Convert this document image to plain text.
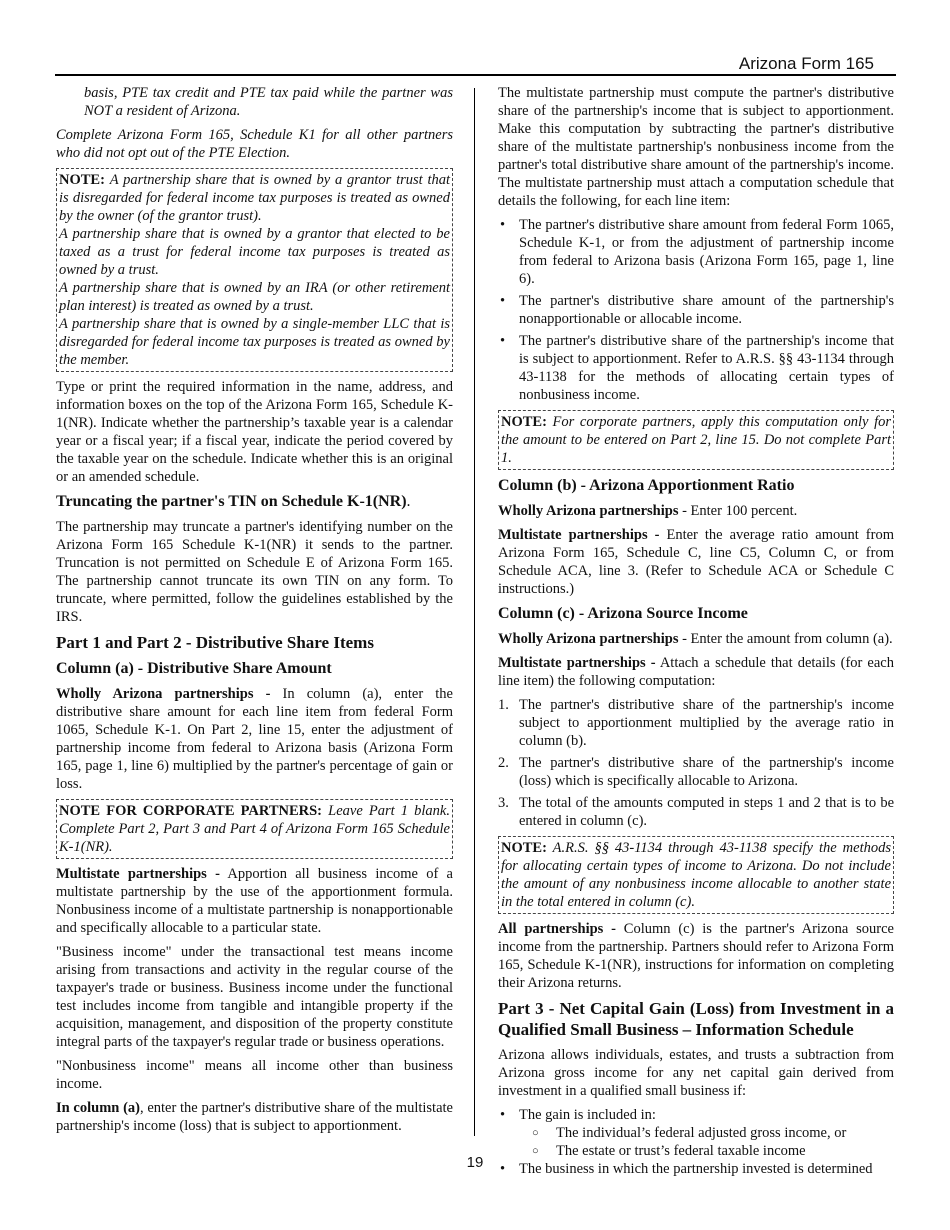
Arizona Form 165

basis, PTE tax credit and PTE tax paid while the partner was NOT a resident of Arizona.

Complete Arizona Form 165, Schedule K1 for all other partners who did not opt out of the PTE Election.

NOTE: A partnership share that is owned by a grantor trust that is disregarded for federal income tax purposes is treated as owned by the owner (of the grantor trust).

A partnership share that is owned by a grantor that elected to be taxed as a trust for federal income tax purposes is treated as owned by a trust.

A partnership share that is owned by an IRA (or other retirement plan interest) is treated as owned by a trust.

A partnership share that is owned by a single-member LLC that is disregarded for federal income tax purposes is treated as owned by the member.

Type or print the required information in the name, address, and information boxes on the top of the Arizona Form 165, Schedule K-1(NR). Indicate whether the partnership’s taxable year is a calendar year or a fiscal year; if a fiscal year, indicate the period covered by the taxable year on the schedule. Indicate whether this is an original or an amended schedule.

Truncating the partner's TIN on Schedule K-1(NR).

The partnership may truncate a partner's identifying number on the Arizona Form 165 Schedule K-1(NR) it sends to the partner. Truncation is not permitted on Schedule E of Arizona Form 165. The partnership cannot truncate its own TIN on any form. To truncate, where permitted, follow the guidelines established by the IRS.

Part 1 and Part 2 - Distributive Share Items
Column (a) - Distributive Share Amount

Wholly Arizona partnerships - In column (a), enter the distributive share amount for each line item from federal Form 1065, Schedule K-1. On Part 2, line 15, enter the adjustment of partnership income from federal to Arizona basis (Arizona Form 165, page 1, line 6) multiplied by the partner's percentage of gain or loss.

NOTE FOR CORPORATE PARTNERS: Leave Part 1 blank. Complete Part 2, Part 3 and Part 4 of Arizona Form 165 Schedule K-1(NR).

Multistate partnerships - Apportion all business income of a multistate partnership by the use of the apportionment formula. Nonbusiness income of a multistate partnership is nonapportionable and specifically allocable to a particular state.

"Business income" under the transactional test means income arising from transactions and activity in the regular course of the taxpayer's trade or business. Business income under the functional test includes income from tangible and intangible property if the acquisition, management, and disposition of the property constitute integral parts of the taxpayer's regular trade or business operations.

"Nonbusiness income" means all income other than business income.

In column (a), enter the partner's distributive share of the multistate partnership's income (loss) that is subject to apportionment.

The multistate partnership must compute the partner's distributive share of the partnership's income that is subject to apportionment. Make this computation by subtracting the partner's distributive share of the multistate partnership's nonbusiness income from the partner's total distributive share amount of the partnership's income. The multistate partnership must attach a computation schedule that details the following, for each line item:

• The partner's distributive share amount from federal Form 1065, Schedule K-1, or from the adjustment of partnership income from federal to Arizona basis (Arizona Form 165, page 1, line 6).
• The partner's distributive share amount of the partnership's nonapportionable or allocable income.
• The partner's distributive share of the partnership's income that is subject to apportionment. Refer to A.R.S. §§ 43-1134 through 43-1138 for the methods of allocating certain types of nonbusiness income.

NOTE: For corporate partners, apply this computation only for the amount to be entered on Part 2, line 15. Do not complete Part 1.

Column (b) - Arizona Apportionment Ratio

Wholly Arizona partnerships - Enter 100 percent.

Multistate partnerships - Enter the average ratio amount from Arizona Form 165, Schedule C, line C5, Column C, or from Schedule ACA, line 3. (Refer to Schedule ACA or Schedule C instructions.)

Column (c) - Arizona Source Income

Wholly Arizona partnerships - Enter the amount from column (a).

Multistate partnerships - Attach a schedule that details (for each line item) the following computation:

1. The partner's distributive share of the partnership's income subject to apportionment multiplied by the average ratio in column (b).
2. The partner's distributive share of the partnership's income (loss) which is specifically allocable to Arizona.
3. The total of the amounts computed in steps 1 and 2 that is to be entered in column (c).

NOTE: A.R.S. §§ 43-1134 through 43-1138 specify the methods for allocating certain types of income to Arizona. Do not include the amount of any nonbusiness income allocable to another state in the total entered in column (c).

All partnerships - Column (c) is the partner's Arizona source income from the partnership. Partners should refer to Arizona Form 165, Schedule K-1(NR), instructions for information on completing their Arizona returns.

Part 3 - Net Capital Gain (Loss) from Investment in a Qualified Small Business – Information Schedule

Arizona allows individuals, estates, and trusts a subtraction from Arizona gross income for any net capital gain derived from investment in a qualified small business if:

• The gain is included in:
○ The individual’s federal adjusted gross income, or
○ The estate or trust’s federal taxable income
• The business in which the partnership invested is determined
19
